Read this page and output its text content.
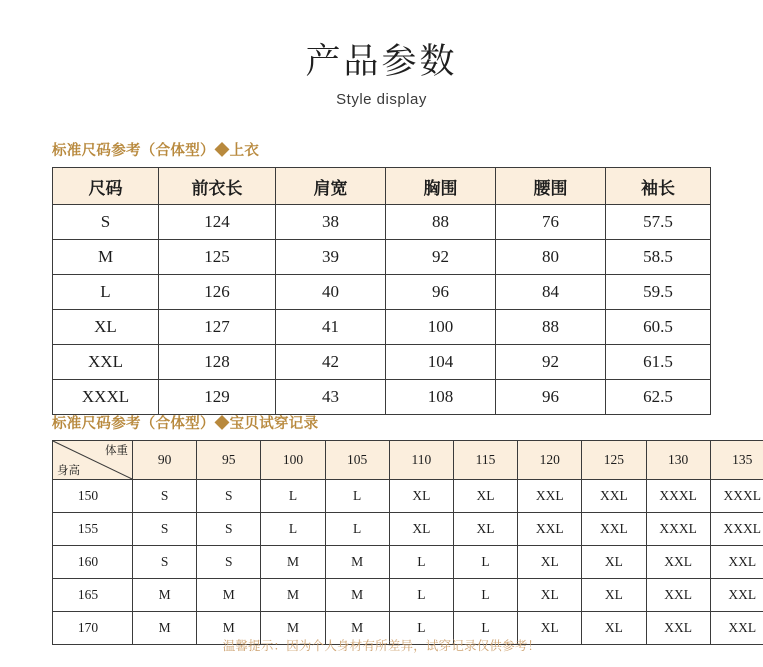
产品参数
Style display
标准尺码参考（合体型）◆上衣
尺码	前衣长	肩宽	胸围	腰围	袖长
S	124	38	88	76	57.5
M	125	39	92	80	58.5
L	126	40	96	84	59.5
XL	127	41	100	88	60.5
XXL	128	42	104	92	61.5
XXXL	129	43	108	96	62.5
标准尺码参考（合体型）◆宝贝试穿记录
体重
身高	90	95	100	105	110	115	120	125	130	135
150	S	S	L	L	XL	XL	XXL	XXL	XXXL	XXXL
155	S	S	L	L	XL	XL	XXL	XXL	XXXL	XXXL
160	S	S	M	M	L	L	XL	XL	XXL	XXL
165	M	M	M	M	L	L	XL	XL	XXL	XXL
170	M	M	M	M	L	L	XL	XL	XXL	XXL
温馨提示：因为个人身材有所差异，试穿记录仅供参考！
